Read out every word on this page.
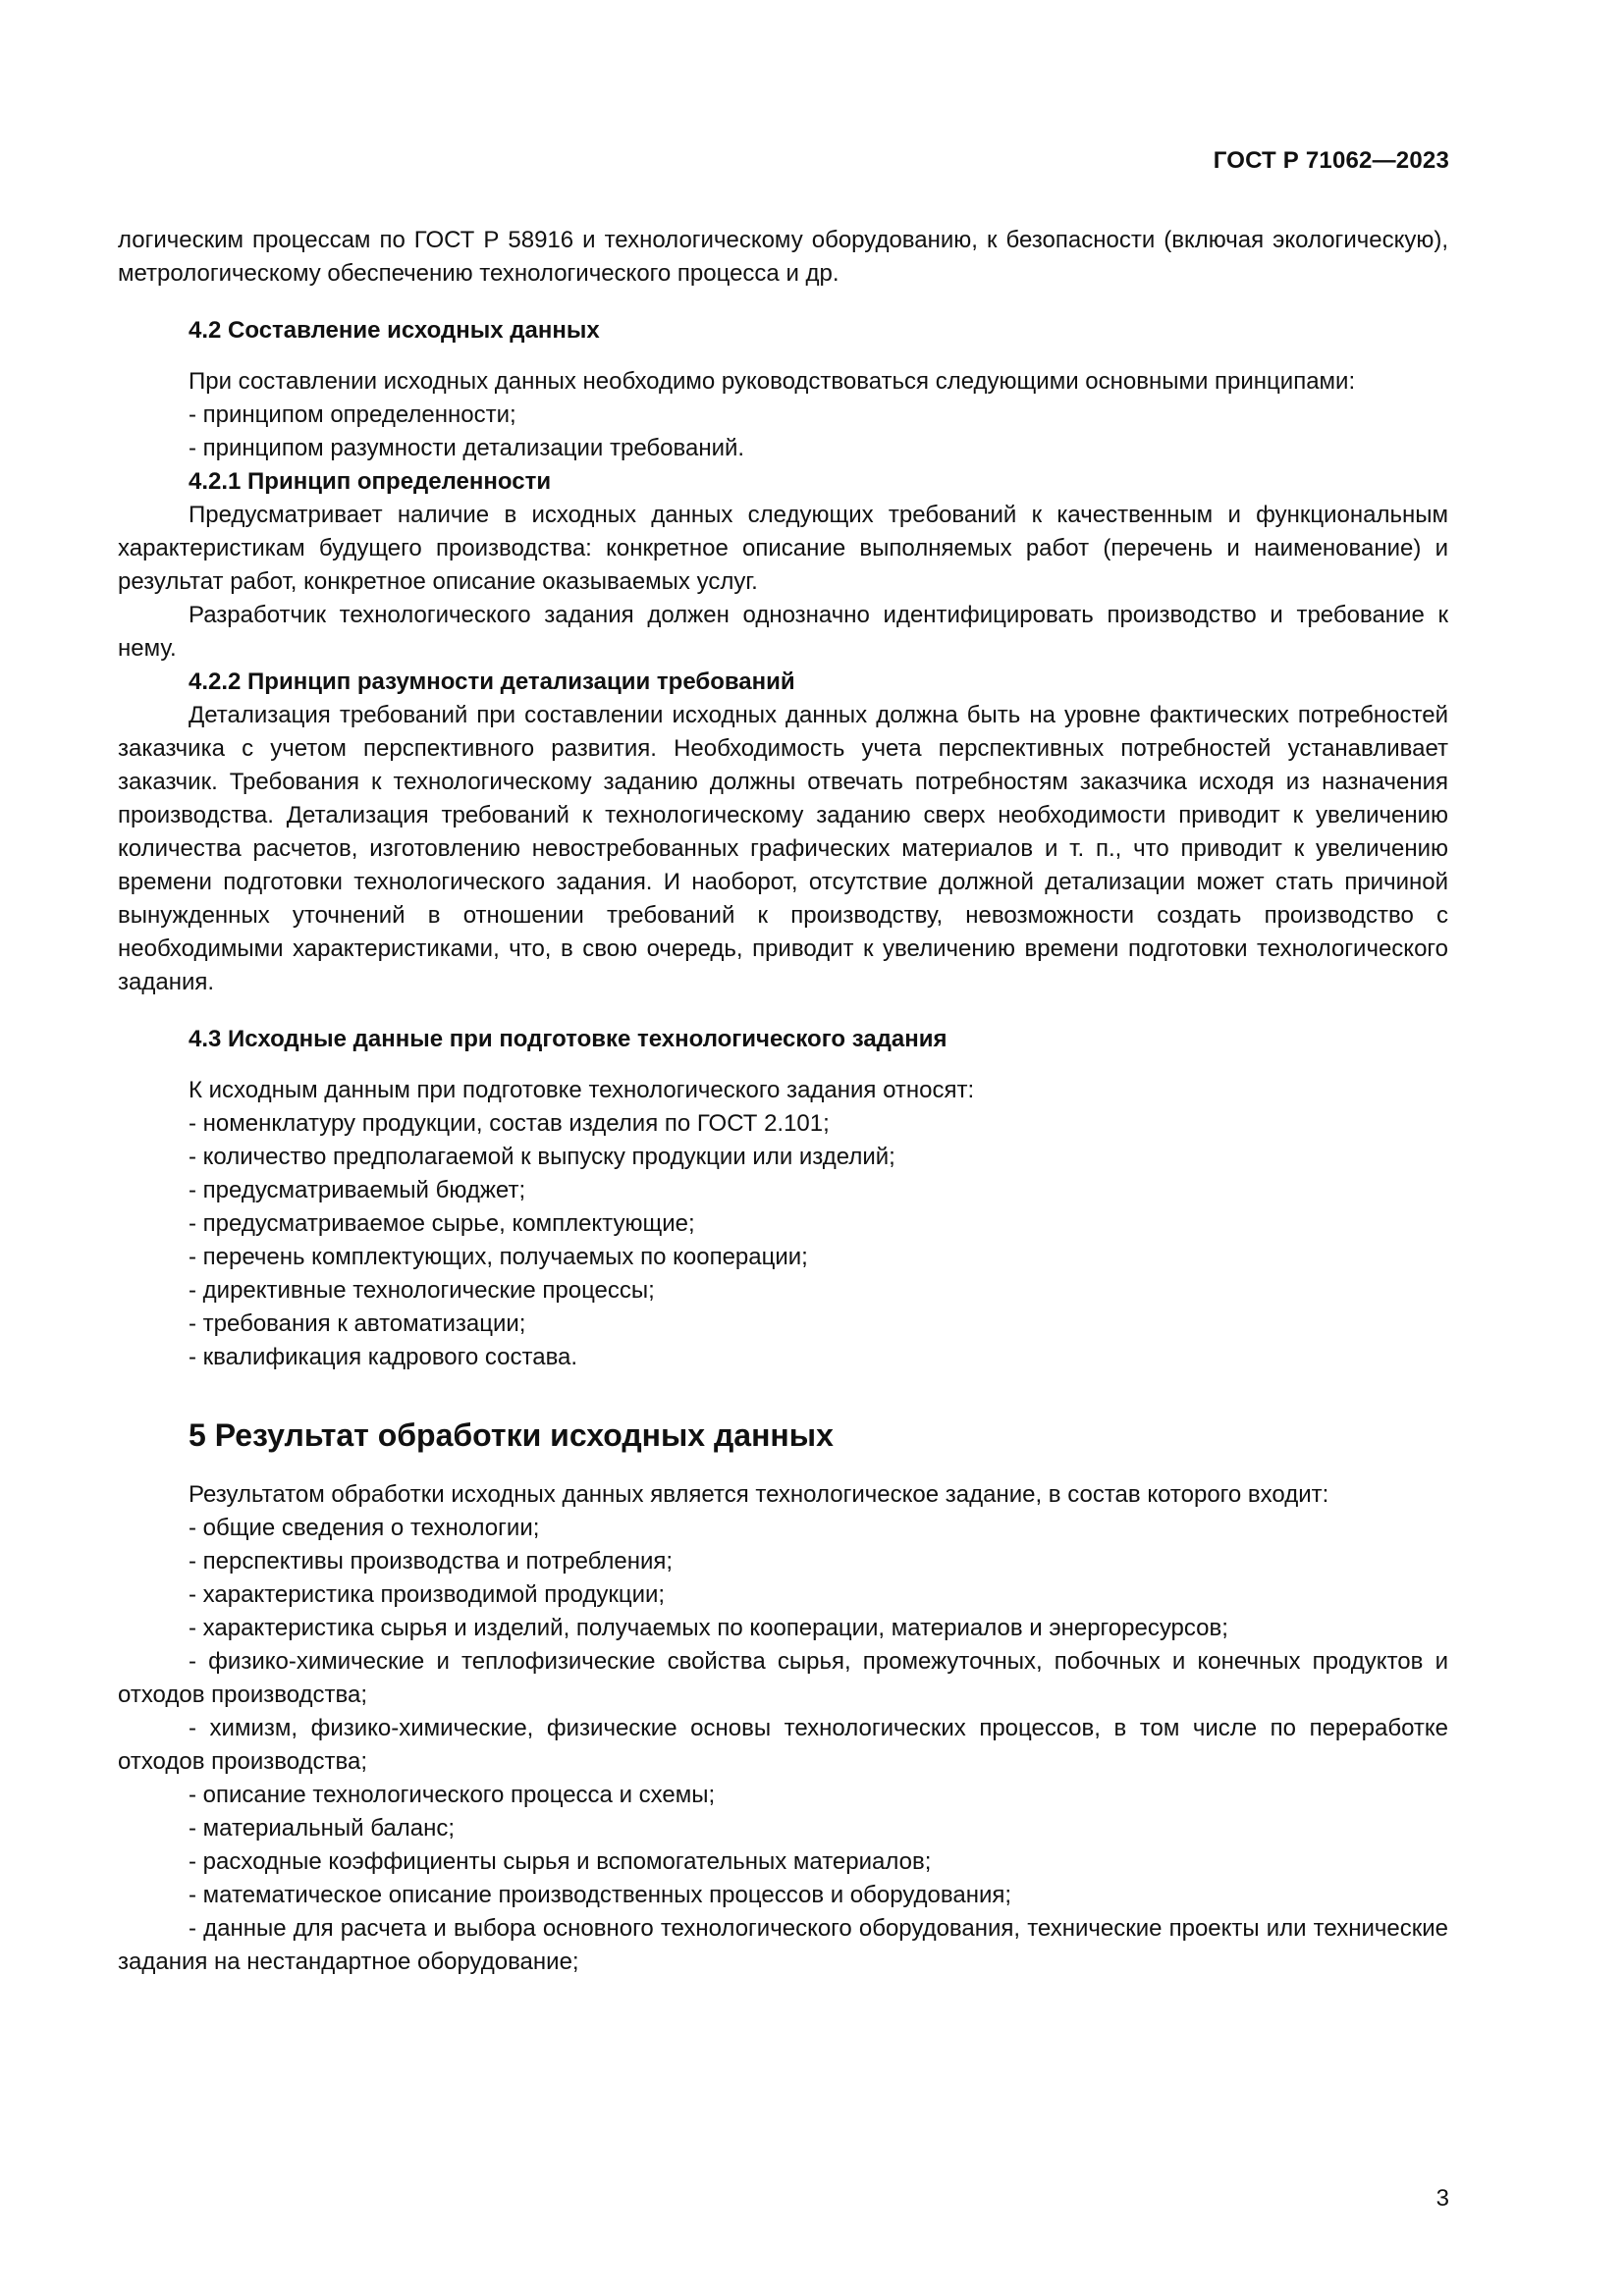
ГОСТ Р 71062—2023

логическим процессам по ГОСТ Р 58916 и технологическому оборудованию, к безопасности (включая экологическую), метрологическому обеспечению технологического процесса и др.

4.2 Составление исходных данных

При составлении исходных данных необходимо руководствоваться следующими основными принципами:

- принципом определенности;

- принципом разумности детализации требований.

4.2.1 Принцип определенности

Предусматривает наличие в исходных данных следующих требований к качественным и функциональным характеристикам будущего производства: конкретное описание выполняемых работ (перечень и наименование) и результат работ, конкретное описание оказываемых услуг.

Разработчик технологического задания должен однозначно идентифицировать производство и требование к нему.

4.2.2 Принцип разумности детализации требований

Детализация требований при составлении исходных данных должна быть на уровне фактических потребностей заказчика с учетом перспективного развития. Необходимость учета перспективных потребностей устанавливает заказчик. Требования к технологическому заданию должны отвечать потребностям заказчика исходя из назначения производства. Детализация требований к технологическому заданию сверх необходимости приводит к увеличению количества расчетов, изготовлению невостребованных графических материалов и т. п., что приводит к увеличению времени подготовки технологического задания. И наоборот, отсутствие должной детализации может стать причиной вынужденных уточнений в отношении требований к производству, невозможности создать производство с необходимыми характеристиками, что, в свою очередь, приводит к увеличению времени подготовки технологического задания.

4.3 Исходные данные при подготовке технологического задания

К исходным данным при подготовке технологического задания относят:

- номенклатуру продукции, состав изделия по ГОСТ 2.101;

- количество предполагаемой к выпуску продукции или изделий;

- предусматриваемый бюджет;

- предусматриваемое сырье, комплектующие;

- перечень комплектующих, получаемых по кооперации;

- директивные технологические процессы;

- требования к автоматизации;

- квалификация кадрового состава.

5 Результат обработки исходных данных

Результатом обработки исходных данных является технологическое задание, в состав которого входит:

- общие сведения о технологии;

- перспективы производства и потребления;

- характеристика производимой продукции;

- характеристика сырья и изделий, получаемых по кооперации, материалов и энергоресурсов;

- физико-химические и теплофизические свойства сырья, промежуточных, побочных и конечных продуктов и отходов производства;

- химизм, физико-химические, физические основы технологических процессов, в том числе по переработке отходов производства;

- описание технологического процесса и схемы;

- материальный баланс;

- расходные коэффициенты сырья и вспомогательных материалов;

- математическое описание производственных процессов и оборудования;

- данные для расчета и выбора основного технологического оборудования, технические проекты или технические задания на нестандартное оборудование;

3
